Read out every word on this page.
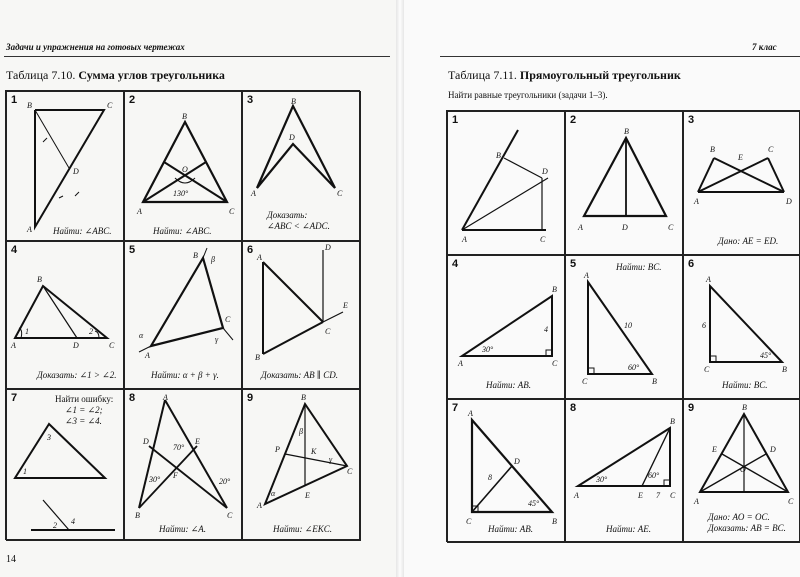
Задачи и упражнения на готовых чертежах
Таблица 7.10. Сумма углов треугольника
1 B	C
A
D
Найти: ∠ABC.
2
B
A	C
O
130°
Найти: ∠ABC.
3	B
A	C
D
Доказать:
∠ABC < ∠ADC.
4
B
A	D	C
1	2
Доказать: ∠1 > ∠2.
5	B
A
C
β
α	γ
Найти: α + β + γ.
6
A
B
C
D
E
Доказать: AB ∥ CD.
7
3
1
2 4
Найти ошибку:
∠1 = ∠2;
∠3 = ∠4.
8	A
D	E
F
B	C
70°
30°	20°
Найти: ∠A.
9	B
A
C
P	K
E
β
α
γ
Найти: ∠EKC.
14
7 клас
Таблица 7.11. Прямоугольный треугольник
Найти равные треугольники (задачи 1–3).
1
B
D
A	C
2
B
A	D	C
3
B
E
C
A	D
Дано: AE = ED.
4
B
A	C
30°
4
Найти: AB.
5
A
C	B
10
60°
Найти: BC. 6
A
C	B
6
45°
Найти: BC.
7 A
D
C	B
8
45°
Найти: AB.
8
B
A	E	C
30°	60°
7
Найти: AE.
9	B
E	D
O
A	C
Дано: AO = OC.
Доказать: AB = BC.
